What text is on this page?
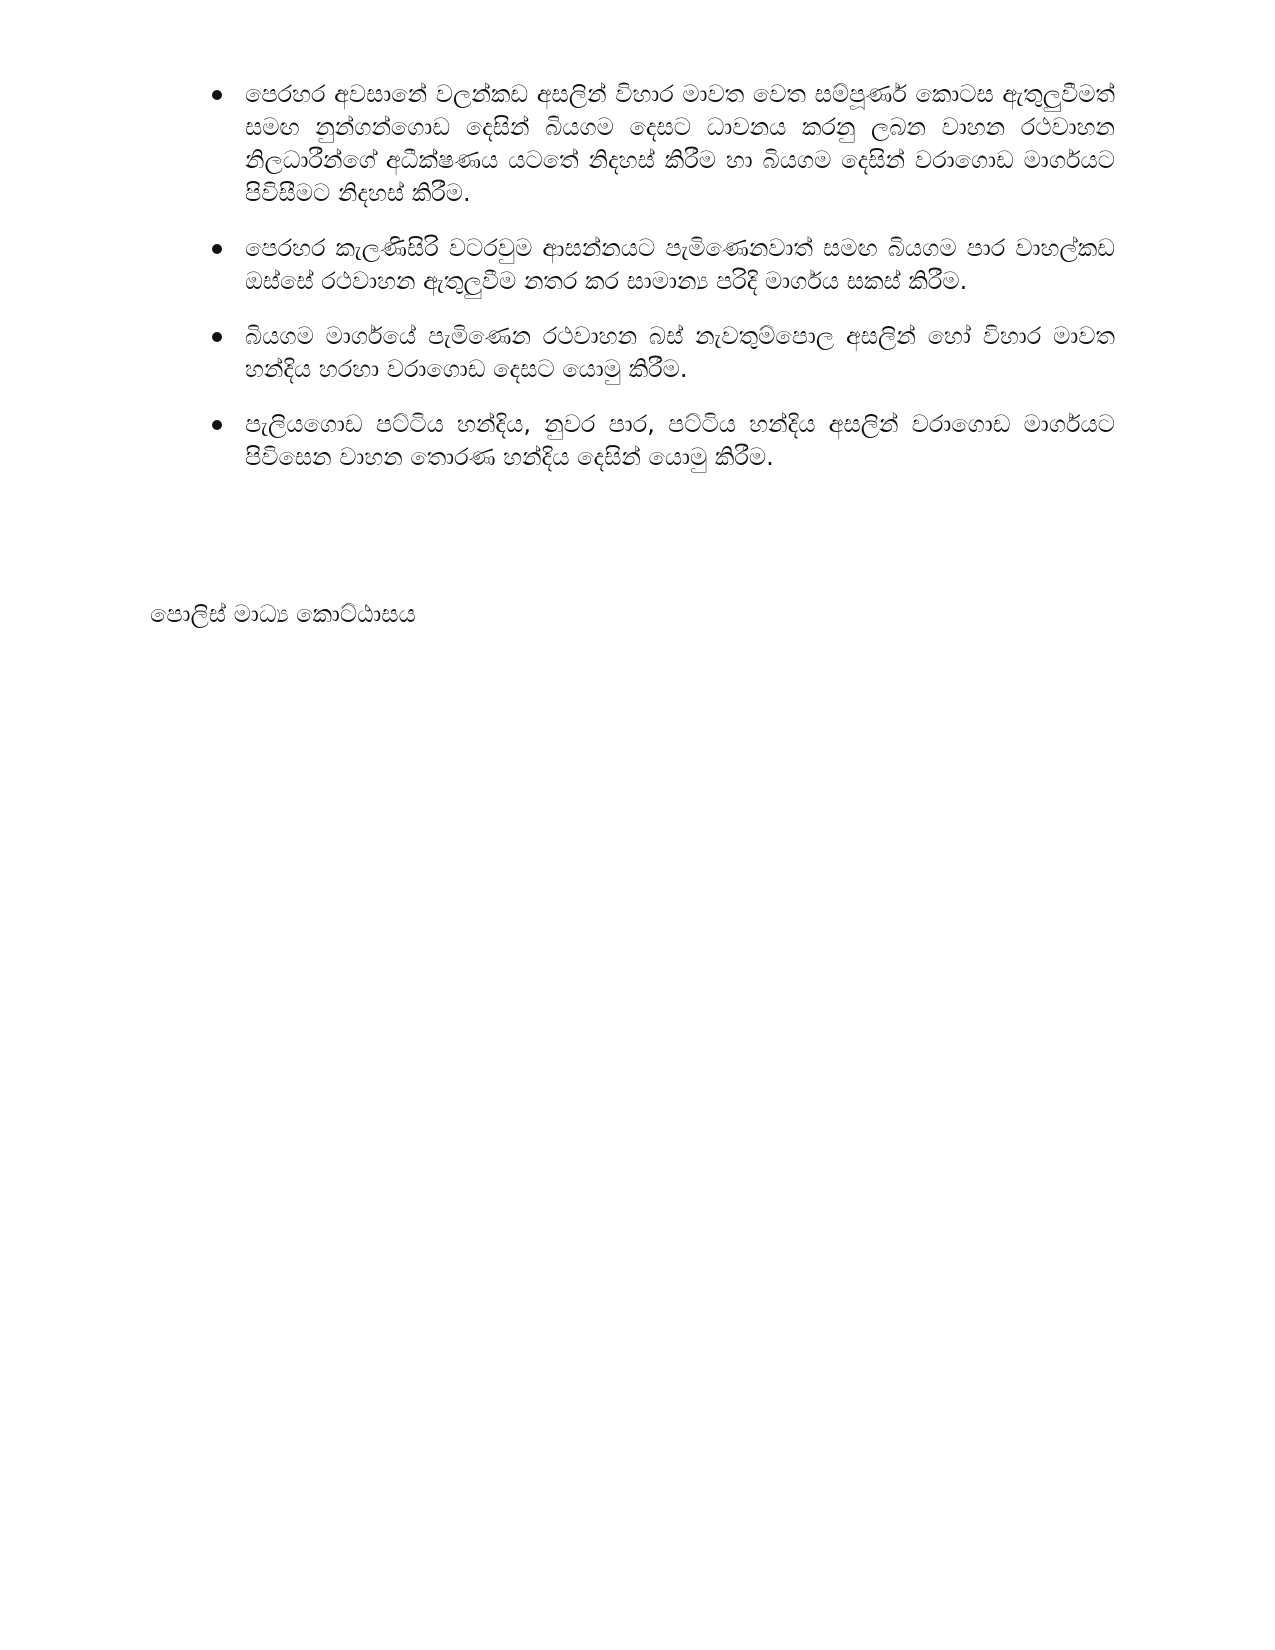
පෙරහර අවසානේ වලන්කඩ අසලින් විහාර මාවත වෙත සම්පූර්ණ කොටස ඇතුලුවීමත් සමඟ නුන්ගන්ගොඩ දෙසින් බියගම දෙසට ධාවනය කරනු ලබන වාහන රථවාහන නිලධාරීන්ගේ අධීක්ෂණය යටතේ නිදහස් කිරීම හා බියගම දෙසින් වරාගොඩ මාර්ගයට පිවිසීමට නිදහස් කිරීම.
පෙරහර කැලණිසිරි වටරවුම ආසන්නයට පැමිණෙනවාත් සමඟ බියගම පාර වාහල්කඩ ඔස්සේ රථවාහන ඇතුලුවීම නතර කර සාමාන්‍ය පරිදි මාර්ගය සකස් කිරීම.
බියගම මාර්ගයේ පැමිණෙන රථවාහන බස් නැවතුම්පොල අසලින් හෝ විහාර මාවත හන්දිය හරහා වරාගොඩ දෙසට යොමු කිරීම.
පැලියගොඩ පට්ටිය හන්දිය, නුවර පාර, පට්ටිය හන්දිය අසලින් වරාගොඩ මාර්ගයට පිවිසෙන වාහන තොරණ හන්දිය දෙසින් යොමු කිරීම.

පොලිස් මාධ්‍ය කොට්ඨාසය
